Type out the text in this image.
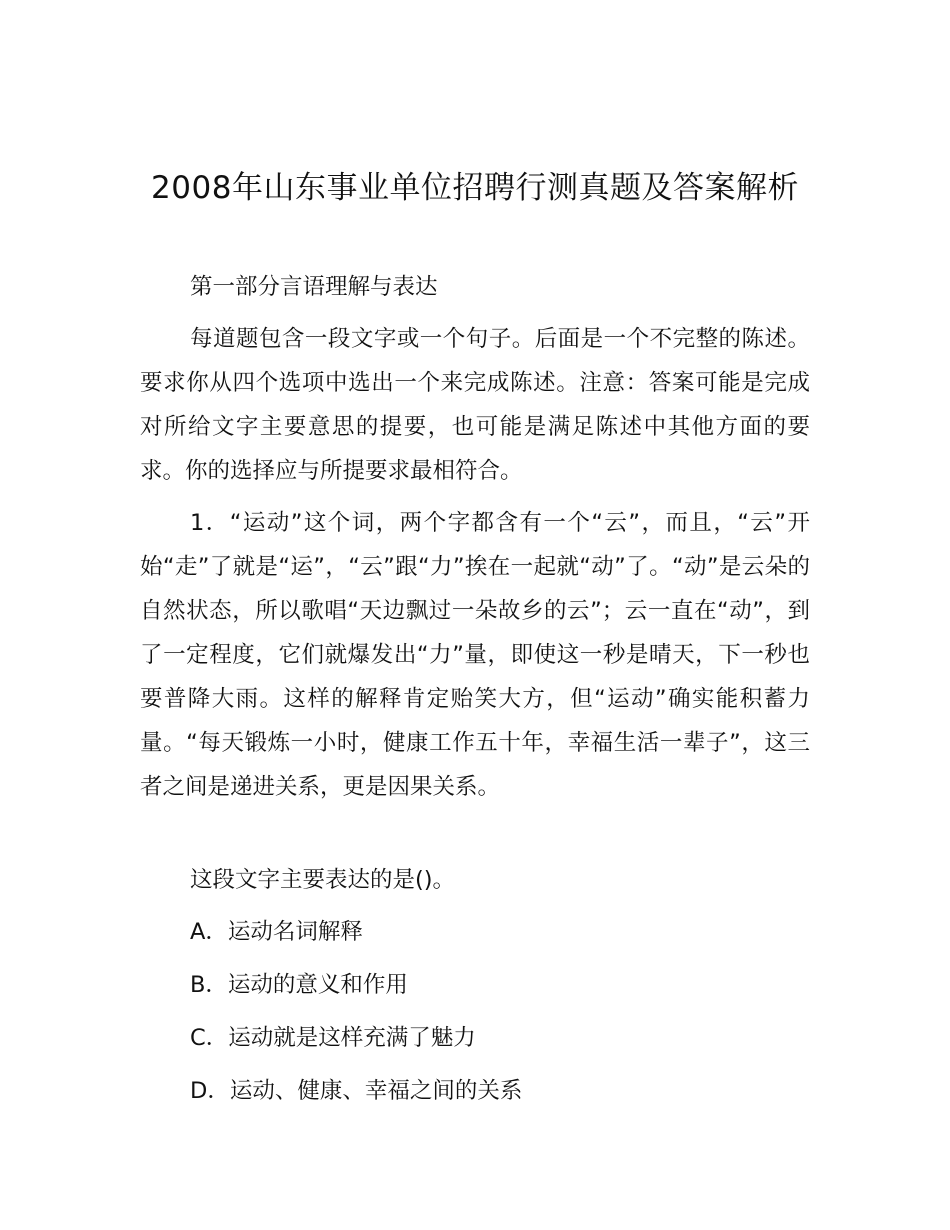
2008年山东事业单位招聘行测真题及答案解析

第一部分言语理解与表达

每道题包含一段文字或一个句子。后面是一个不完整的陈述。要求你从四个选项中选出一个来完成陈述。注意：答案可能是完成对所给文字主要意思的提要，也可能是满足陈述中其他方面的要求。你的选择应与所提要求最相符合。

1．“运动”这个词，两个字都含有一个“云”，而且，“云”开始“走”了就是“运”，“云”跟“力”挨在一起就“动”了。“动”是云朵的自然状态，所以歌唱“天边飘过一朵故乡的云”；云一直在“动”，到了一定程度，它们就爆发出“力”量，即使这一秒是晴天，下一秒也要普降大雨。这样的解释肯定贻笑大方，但“运动”确实能积蓄力量。“每天锻炼一小时，健康工作五十年，幸福生活一辈子”，这三者之间是递进关系，更是因果关系。

这段文字主要表达的是()。

A．运动名词解释

B．运动的意义和作用

C．运动就是这样充满了魅力

D．运动、健康、幸福之间的关系
